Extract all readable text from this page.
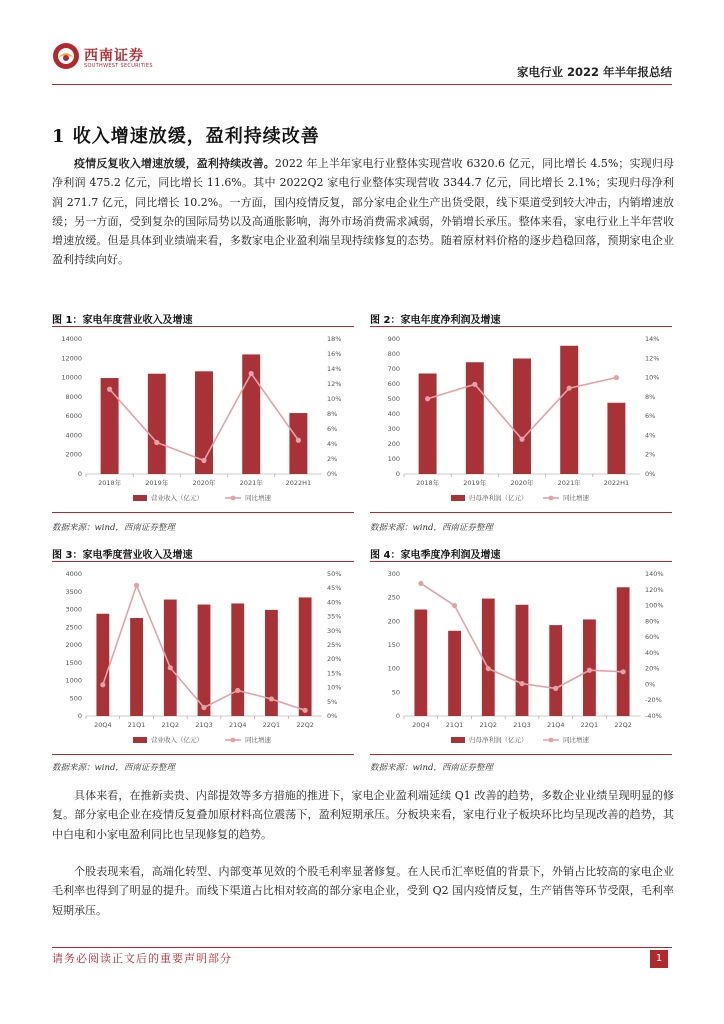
西南证券
SOUTHWEST SECURITIES	家电行业 2022 年半年报总结
1 收入增速放缓，盈利持续改善
疫情反复收入增速放缓，盈利持续改善。2022 年上半年家电行业整体实现营收 6320.6 亿元，同比增长 4.5%；实现归母净利润 475.2 亿元，同比增长 11.6%。其中 2022Q2 家电行业整体实现营收 3344.7 亿元，同比增长 2.1%；实现归母净利润 271.7 亿元，同比增长 10.2%。一方面，国内疫情反复，部分家电企业生产出货受限，线下渠道受到较大冲击，内销增速放缓；另一方面，受到复杂的国际局势以及高通胀影响，海外市场消费需求减弱，外销增长承压。整体来看，家电行业上半年营收增速放缓。但是具体到业绩端来看，多数家电企业盈利端呈现持续修复的态势。随着原材料价格的逐步趋稳回落，预期家电企业盈利持续向好。
图 1：家电年度营业收入及增速
0
2000
4000
6000
8000
10000
12000
14000
0%
2%
4%
6%
8%
10%
12%
14%
16%
18%
2018年	2019年	2020年	2021年	2022H1
营业收入（亿元）	同比增速
数据来源：wind，西南证券整理
图 2：家电年度净利润及增速
0
100
200
300
400
500
600
700
800
900
0%
2%
4%
6%
8%
10%
12%
14%
2018年	2019年	2020年	2021年	2022H1
归母净利润（亿元）	同比增速
数据来源：wind，西南证券整理
图 3：家电季度营业收入及增速
0
500
1000
1500
2000
2500
3000
3500
4000
0%
5%
10%
15%
20%
25%
30%
35%
40%
45%
50%
20Q4 21Q1 21Q2 21Q3 21Q4 22Q1 22Q2
营业收入（亿元）	同比增速
数据来源：wind，西南证券整理
图 4：家电季度净利润及增速
0
50
100
150
200
250
300
-40%
-20%
0%
20%
40%
60%
80%
100%
120%
140%
20Q4 21Q1 21Q2 21Q3 21Q4 22Q1 22Q2
归母净利润（亿元）	同比增速
数据来源：wind，西南证券整理
具体来看，在推新卖贵、内部提效等多方措施的推进下，家电企业盈利端延续 Q1 改善的趋势，多数企业业绩呈现明显的修复。部分家电企业在疫情反复叠加原材料高位震荡下，盈利短期承压。分板块来看，家电行业子板块环比均呈现改善的趋势，其中白电和小家电盈利同比也呈现修复的趋势。
个股表现来看，高端化转型、内部变革见效的个股毛利率显著修复。在人民币汇率贬值的背景下，外销占比较高的家电企业毛利率也得到了明显的提升。而线下渠道占比相对较高的部分家电企业，受到 Q2 国内疫情反复，生产销售等环节受限，毛利率短期承压。
请务必阅读正文后的重要声明部分	1
